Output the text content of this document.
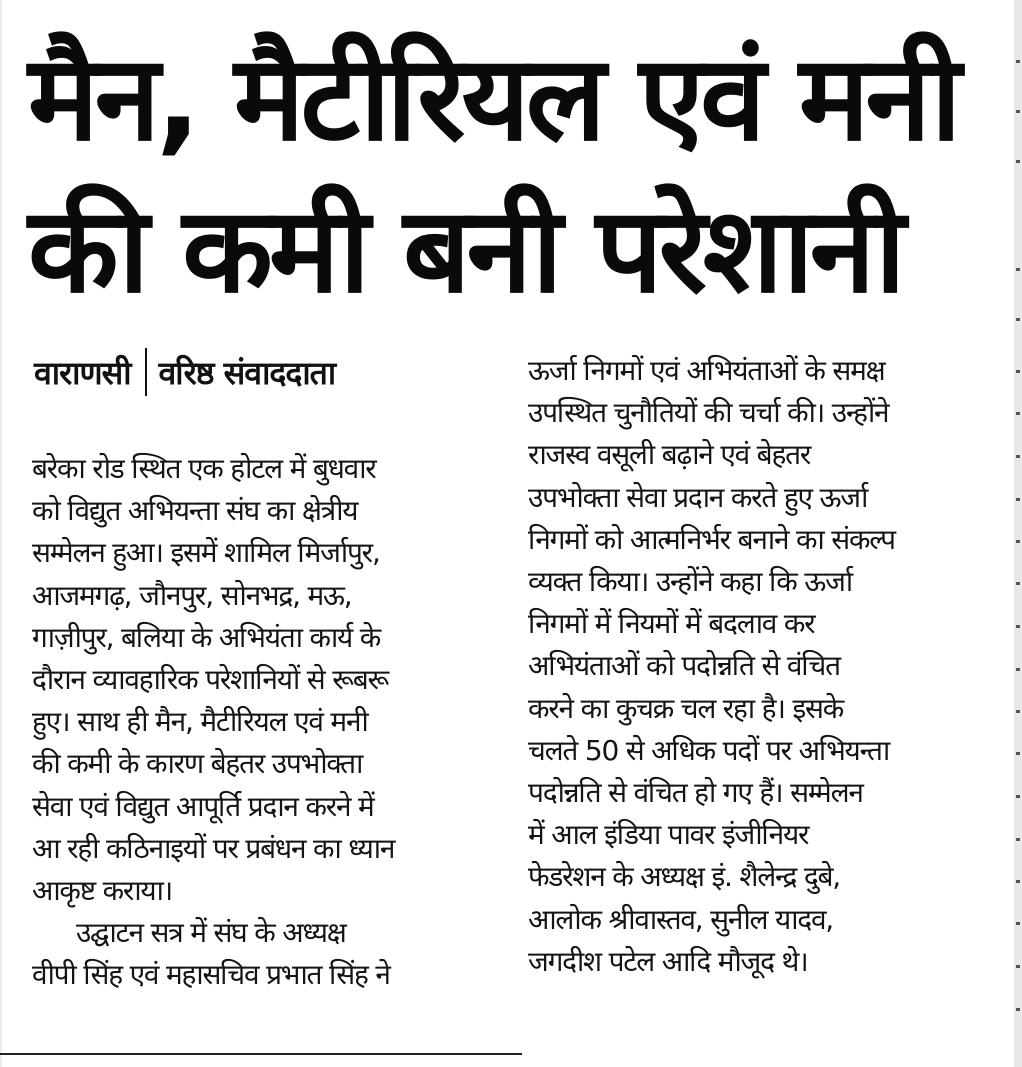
मैन, मैटीरियल एवं मनी
की कमी बनी परेशानी
वाराणसी वरिष्ठ संवाददाता
बरेका रोड स्थित एक होटल में बुधवार
को विद्युत अभियन्ता संघ का क्षेत्रीय
सम्मेलन हुआ। इसमें शामिल मिर्जापुर,
आजमगढ़, जौनपुर, सोनभद्र, मऊ,
गाज़ीपुर, बलिया के अभियंता कार्य के
दौरान व्यावहारिक परेशानियों से रूबरू
हुए। साथ ही मैन, मैटीरियल एवं मनी
की कमी के कारण बेहतर उपभोक्ता
सेवा एवं विद्युत आपूर्ति प्रदान करने में
आ रही कठिनाइयों पर प्रबंधन का ध्यान
आकृष्ट कराया।
उद्घाटन सत्र में संघ के अध्यक्ष
वीपी सिंह एवं महासचिव प्रभात सिंह ने
ऊर्जा निगमों एवं अभियंताओं के समक्ष
उपस्थित चुनौतियों की चर्चा की। उन्होंने
राजस्व वसूली बढ़ाने एवं बेहतर
उपभोक्ता सेवा प्रदान करते हुए ऊर्जा
निगमों को आत्मनिर्भर बनाने का संकल्प
व्यक्त किया। उन्होंने कहा कि ऊर्जा
निगमों में नियमों में बदलाव कर
अभियंताओं को पदोन्नति से वंचित
करने का कुचक्र चल रहा है। इसके
चलते 50 से अधिक पदों पर अभियन्ता
पदोन्नति से वंचित हो गए हैं। सम्मेलन
में आल इंडिया पावर इंजीनियर
फेडरेशन के अध्यक्ष इं. शैलेन्द्र दुबे,
आलोक श्रीवास्तव, सुनील यादव,
जगदीश पटेल आदि मौजूद थे।
